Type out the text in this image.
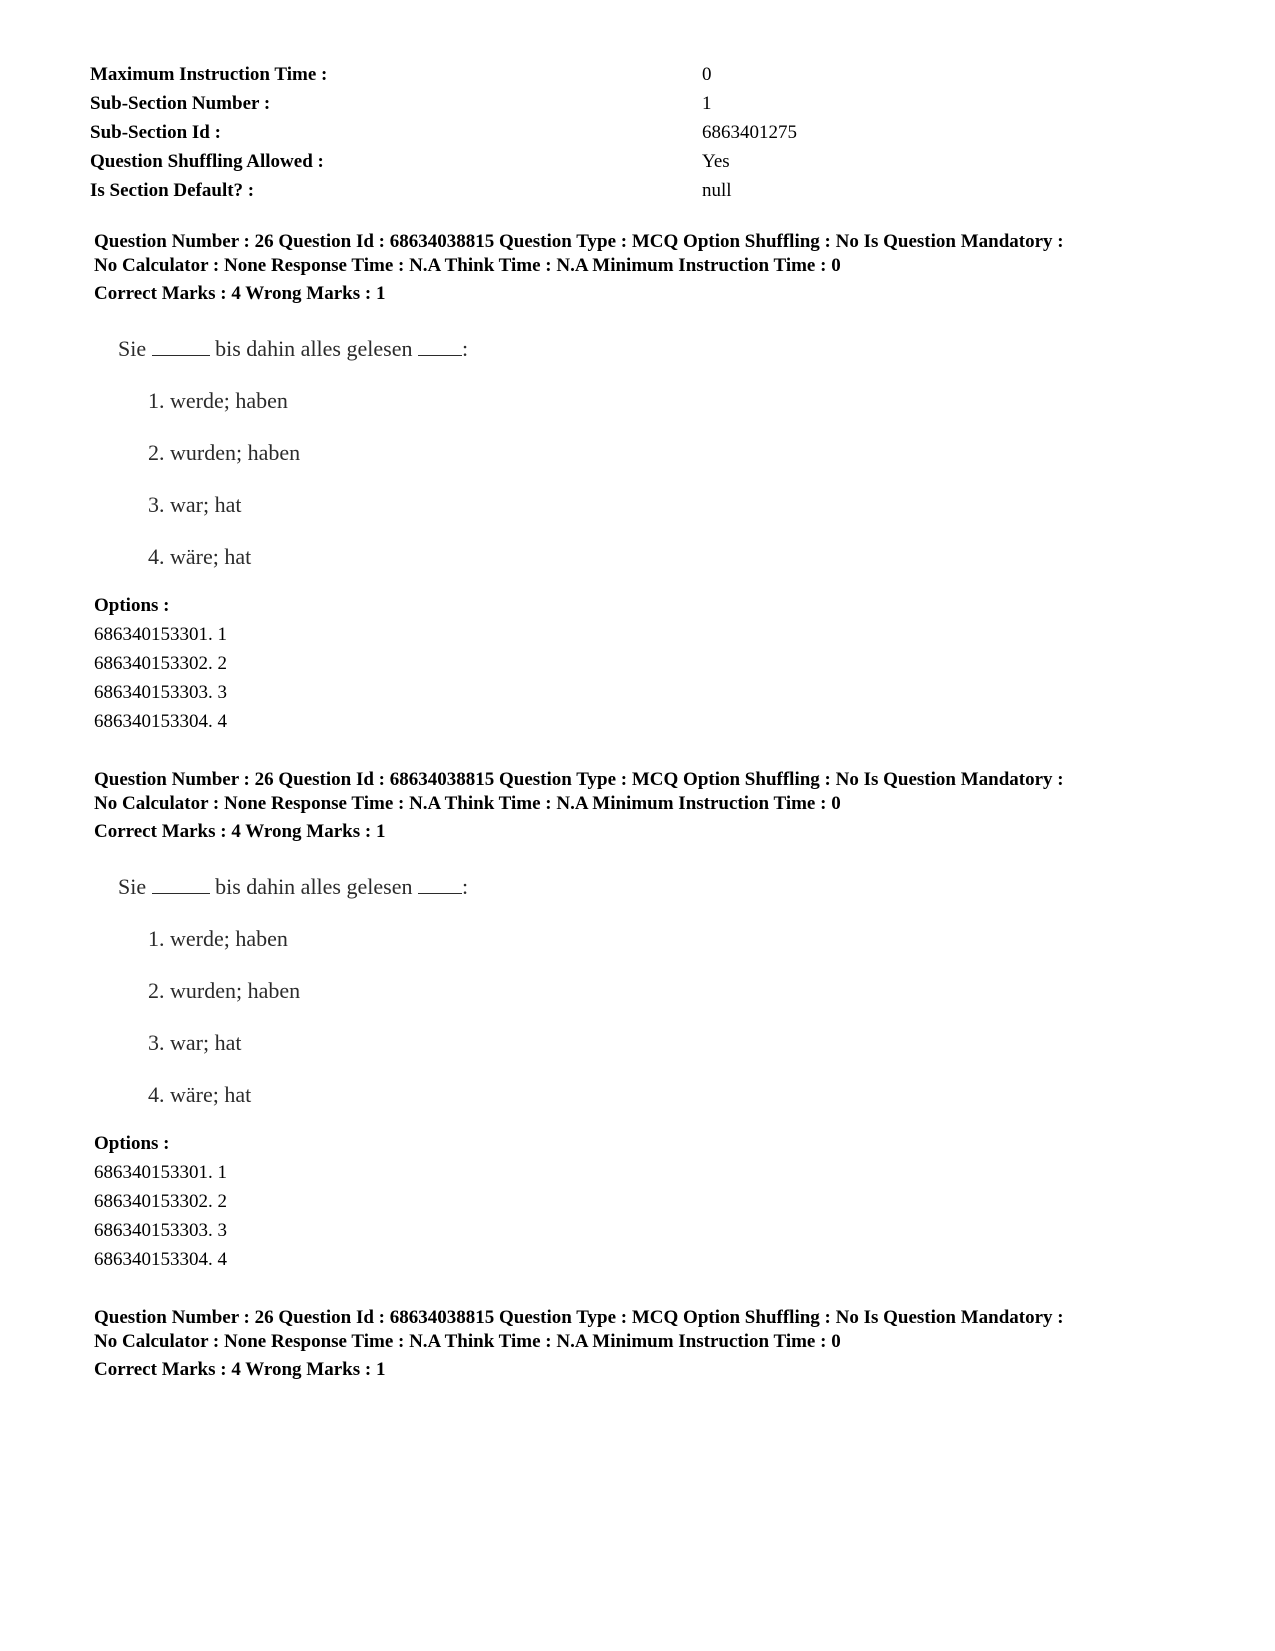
Maximum Instruction Time :	0
Sub-Section Number :	1
Sub-Section Id :	6863401275
Question Shuffling Allowed :	Yes
Is Section Default? :	null
Question Number : 26 Question Id : 68634038815 Question Type : MCQ Option Shuffling : No Is Question Mandatory :
No Calculator : None Response Time : N.A Think Time : N.A Minimum Instruction Time : 0
Correct Marks : 4 Wrong Marks : 1
Sie	bis dahin alles gelesen :
1. werde; haben
2. wurden; haben
3. war; hat
4. wäre; hat
Options :
686340153301. 1
686340153302. 2
686340153303. 3
686340153304. 4
Question Number : 26 Question Id : 68634038815 Question Type : MCQ Option Shuffling : No Is Question Mandatory :
No Calculator : None Response Time : N.A Think Time : N.A Minimum Instruction Time : 0
Correct Marks : 4 Wrong Marks : 1
Sie	bis dahin alles gelesen :
1. werde; haben
2. wurden; haben
3. war; hat
4. wäre; hat
Options :
686340153301. 1
686340153302. 2
686340153303. 3
686340153304. 4
Question Number : 26 Question Id : 68634038815 Question Type : MCQ Option Shuffling : No Is Question Mandatory :
No Calculator : None Response Time : N.A Think Time : N.A Minimum Instruction Time : 0
Correct Marks : 4 Wrong Marks : 1
